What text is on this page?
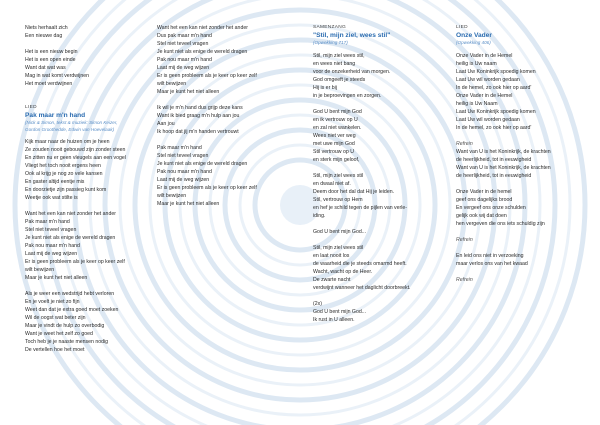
Niets herhaalt zich
Een nieuwe dag

Het is een nieuw begin
Het is een open einde
Want dat wat was
Mag in wat komt verdwijnen
Het moet verdwijnen
LIED
Pak maar m'n hand
(Nick & Simon, tekst & muziek: Simon Keizer,
Gordon Groothedde, Edwin van Hoevelaak)
Kijk maar naar de huizen om je heen
Ze zouden nooit gebouwd zijn zonder steen
En zitten nu er geen vleugels aan een vogel
Vliegt het toch nooit ergens heen
Ook al krijg je nog zo vele kansen
En gaster altijd eentje mis
En doorzietje zijn passieg kunt kom
Weetje ook wat stilte is

Want het een kan niet zonder het ander
Pak maar m'n hand
Stel niet teveel vragen
Je kunt niet als enige de wereld dragen
Pak nou maar m'n hand
Laat mij de weg wijzen
Er is geen probleem als je keer op keer zelf
wilt bewijzen
Maar je kunt het niet alleen

Als je weer een wedstrijd hebt verloren
En je voelt je niet zo fijn
Weet dan dat je extra goed moet zoeken
Wil de oogst wat beter zijn
Maar je vindt de hulp zo overbodig
Want je weet het zelf zo goed
Toch heb je je naaste mensen nodig
De vertellen hoe het moet
Want het een kan niet zonder het ander
Dus pak maar m'n hand
Stel niet teveel vragen
Je kunt niet als enige de wereld dragen
Pak nou maar m'n hand
Laat mij de weg wijzen
Er is geen probleem als je keer op keer zelf
wilt bewijzen
Maar je kunt het niet alleen

Ik wil je m'n hand dus grijp deze kans
Want ik bied graag m'n hulp aan jou
Aan jou
Ik hoop dat jij m'n handen vertrouwt

Pak maar m'n hand
Stel niet teveel vragen
Je kunt niet als enige de wereld dragen
Pak nou maar m'n hand
Laat mij de weg wijzen
Er is geen probleem als je keer op keer zelf
wilt bewijzen
Maar je kunt het niet alleen
SAMENZANG
"Stil, mijn ziel, wees stil"
(Opwekking 717)
Stil, mijn ziel wees stil,
en wees niet bang
voor de onzekerheid van morgen.
God omgeeft je steeds
Hij is er bij
in je beproevingen en zorgen.

God U bent mijn God
en ik vertrouw op U
en zal niet wankelen.
Wees niet ver weg
met uwe mijn God
Stil vertrouw op U
en sterk mijn geloof,

Stil, mijn ziel wees stil
en dwaal niet af.
Deem door het dal dat Hij je leiden.
Stil, vertrouw op Hem
en hef je schild tegen de pijlen van verle-
iding.

God U bent mijn God...

Stil, mijn ziel wees stil
en laat nooit los
de waarheid die je steeds omarmd heeft.
Wacht, wacht op de Heer.
De zwarte nacht
verdwijnt wanneer het daglicht doorbreekt.

(2x)
God U bent mijn God...
Ik rust in U alleen.
LIED
Onze Vader
(Opwekking 406)
Onze Vader in de Hemel
heilig is Uw naam
Laat Uw Koninkrijk spoedig komen
Laat Uw wil worden gedaan
In de hemel, zo ook hier op aard'
Onze Vader in de Hemel
heilig is Uw Naam
Laat Uw Koninkrijk spoedig komen
Laat Uw wil worden gedaan
In de hemel, zo ook hier op aard'

Refrein
Want van U is het Koninkrijk, de krachten
de heerlijkheid, tot in eeuwigheid
Want van U is het Koninkrijk, de krachten
de heerlijkheid, tot in eeuwigheid

Onze Vader in de hemel
geef ons dagelijks brood
En vergeef ons onze schulden
gelijk ook wij dat doen
hen vergeven die ons iets schuldig zijn

Refrein

En leid ons niet in verzoeking
maar verlos ons van het kwaad

Refrein
